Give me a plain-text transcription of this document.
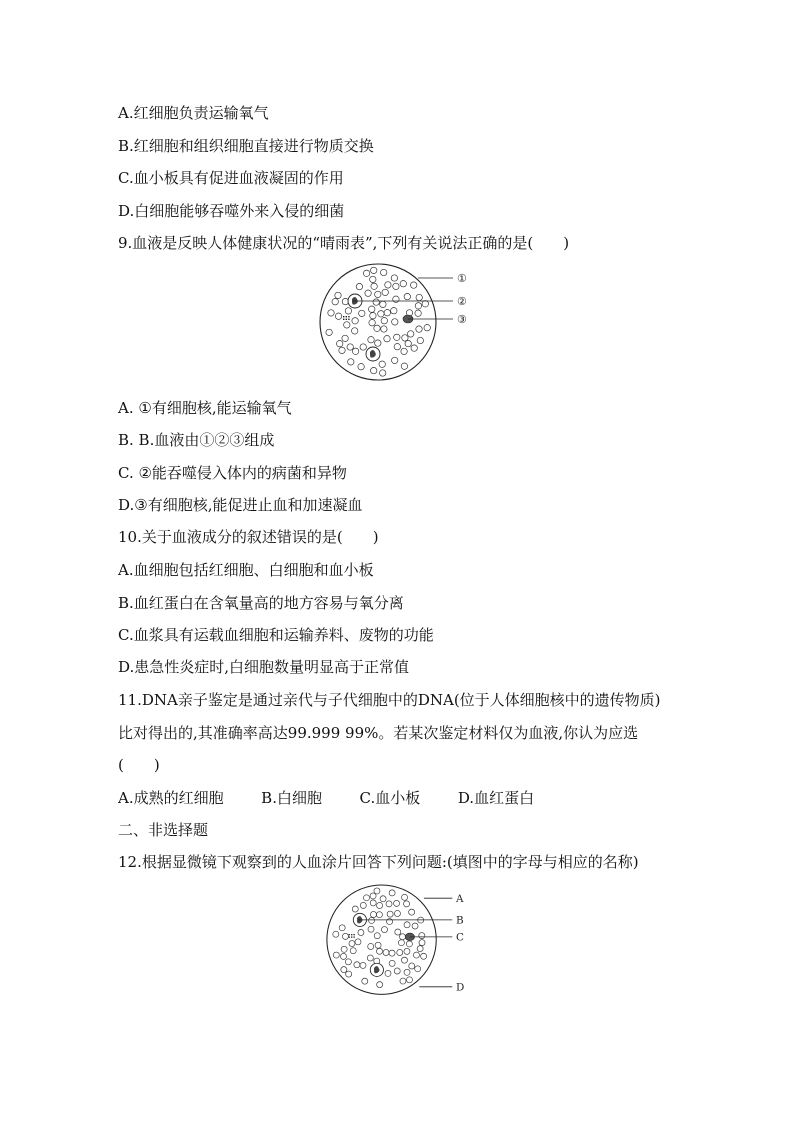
A.红细胞负责运输氧气
B.红细胞和组织细胞直接进行物质交换
C.血小板具有促进血液凝固的作用
D.白细胞能够吞噬外来入侵的细菌
9.血液是反映人体健康状况的“晴雨表”,下列有关说法正确的是(　　)
①
②
③
A. ①有细胞核,能运输氧气
B. B.血液由①②③组成
C. ②能吞噬侵入体内的病菌和异物
D.③有细胞核,能促进止血和加速凝血
10.关于血液成分的叙述错误的是(　　)
A.血细胞包括红细胞、白细胞和血小板
B.血红蛋白在含氧量高的地方容易与氧分离
C.血浆具有运载血细胞和运输养料、废物的功能
D.患急性炎症时,白细胞数量明显高于正常值
11.DNA亲子鉴定是通过亲代与子代细胞中的DNA(位于人体细胞核中的遗传物质)
比对得出的,其准确率高达99.999 99%。若某次鉴定材料仅为血液,你认为应选
(　　)
A.成熟的红细胞	B.白细胞	C.血小板	D.血红蛋白
二、非选择题
12.根据显微镜下观察到的人血涂片回答下列问题:(填图中的字母与相应的名称)
A
B
C
D
